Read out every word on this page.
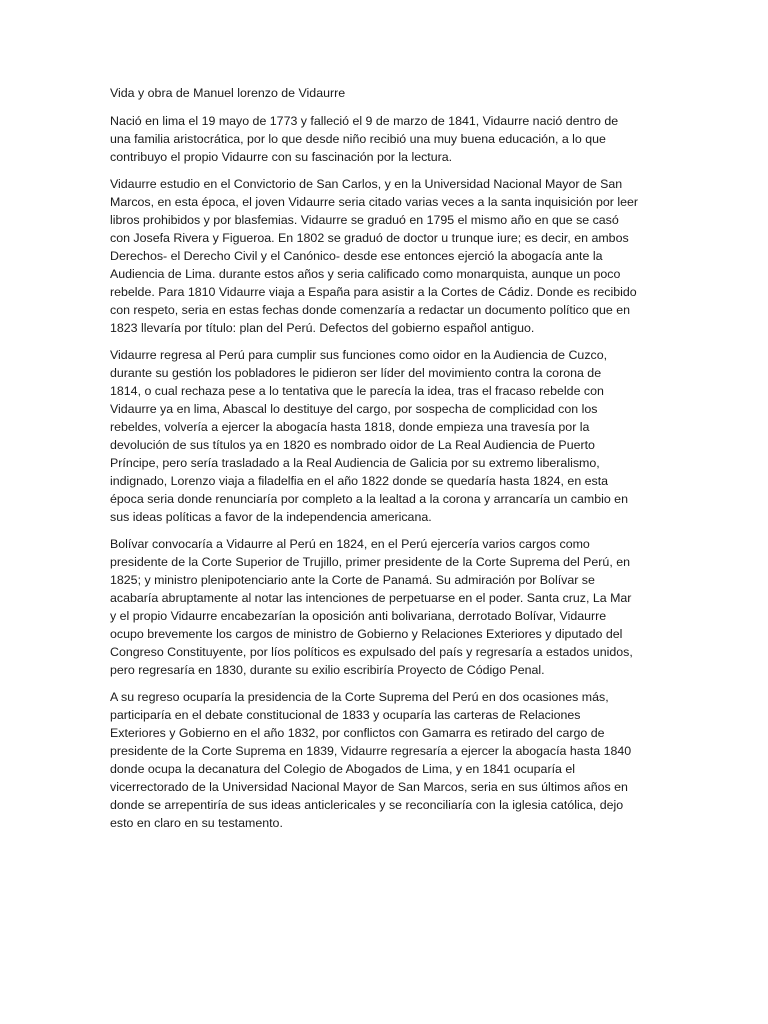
Vida y obra de Manuel lorenzo de Vidaurre

Nació en lima el 19 mayo de 1773 y falleció el 9 de marzo de 1841, Vidaurre nació dentro de
una familia aristocrática, por lo que desde niño recibió una muy buena educación, a lo que
contribuyo el propio Vidaurre con su fascinación por la lectura.

Vidaurre estudio en el Convictorio de San Carlos, y en la Universidad Nacional Mayor de San
Marcos, en esta época, el joven Vidaurre seria citado varias veces a la santa inquisición por leer
libros prohibidos y por blasfemias. Vidaurre se graduó en 1795 el mismo año en que se casó
con Josefa Rivera y Figueroa. En 1802 se graduó de doctor u trunque iure; es decir, en ambos
Derechos- el Derecho Civil y el Canónico- desde ese entonces ejerció la abogacía ante la
Audiencia de Lima. durante estos años y seria calificado como monarquista, aunque un poco
rebelde. Para 1810 Vidaurre viaja a España para asistir a la Cortes de Cádiz. Donde es recibido
con respeto, seria en estas fechas donde comenzaría a redactar un documento político que en
1823 llevaría por título: plan del Perú. Defectos del gobierno español antiguo.

Vidaurre regresa al Perú para cumplir sus funciones como oidor en la Audiencia de Cuzco,
durante su gestión los pobladores le pidieron ser líder del movimiento contra la corona de
1814, o cual rechaza pese a lo tentativa que le parecía la idea, tras el fracaso rebelde con
Vidaurre ya en lima, Abascal lo destituye del cargo, por sospecha de complicidad con los
rebeldes, volvería a ejercer la abogacía hasta 1818, donde empieza una travesía por la
devolución de sus títulos ya en 1820 es nombrado oidor de La Real Audiencia de Puerto
Príncipe, pero sería trasladado a la Real Audiencia de Galicia por su extremo liberalismo,
indignado, Lorenzo viaja a filadelfia en el año 1822 donde se quedaría hasta 1824, en esta
época seria donde renunciaría por completo a la lealtad a la corona y arrancaría un cambio en
sus ideas políticas a favor de la independencia americana.

Bolívar convocaría a Vidaurre al Perú en 1824, en el Perú ejercería varios cargos como
presidente de la Corte Superior de Trujillo, primer presidente de la Corte Suprema del Perú, en
1825; y ministro plenipotenciario ante la Corte de Panamá. Su admiración por Bolívar se
acabaría abruptamente al notar las intenciones de perpetuarse en el poder. Santa cruz, La Mar
y el propio Vidaurre encabezarían la oposición anti bolivariana, derrotado Bolívar, Vidaurre
ocupo brevemente los cargos de ministro de Gobierno y Relaciones Exteriores y diputado del
Congreso Constituyente, por líos políticos es expulsado del país y regresaría a estados unidos,
pero regresaría en 1830, durante su exilio escribiría Proyecto de Código Penal.

A su regreso ocuparía la presidencia de la Corte Suprema del Perú en dos ocasiones más,
participaría en el debate constitucional de 1833 y ocuparía las carteras de Relaciones
Exteriores y Gobierno en el año 1832, por conflictos con Gamarra es retirado del cargo de
presidente de la Corte Suprema en 1839, Vidaurre regresaría a ejercer la abogacía hasta 1840
donde ocupa la decanatura del Colegio de Abogados de Lima, y en 1841 ocuparía el
vicerrectorado de la Universidad Nacional Mayor de San Marcos, seria en sus últimos años en
donde se arrepentiría de sus ideas anticlericales y se reconciliaría con la iglesia católica, dejo
esto en claro en su testamento.
